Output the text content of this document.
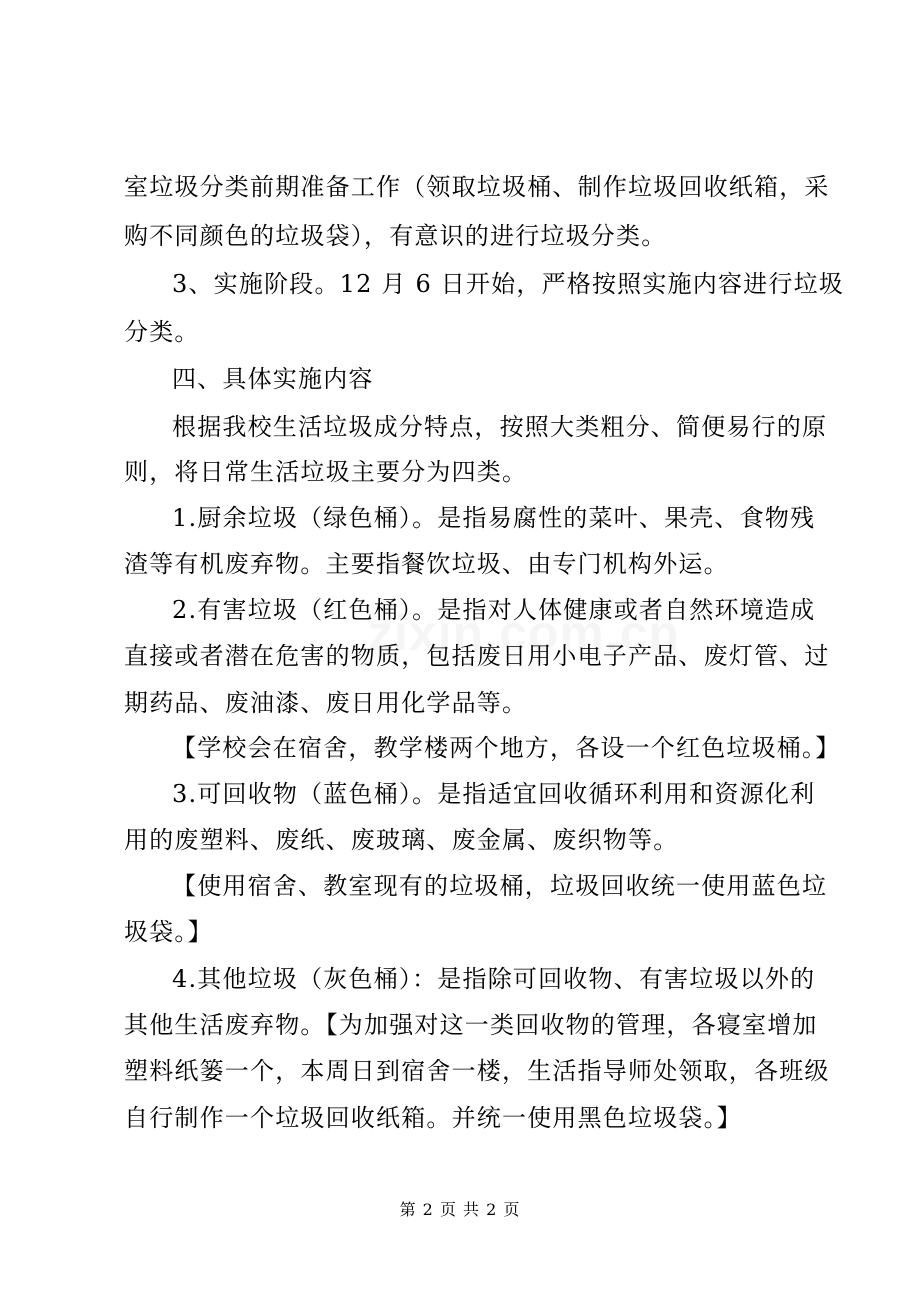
室垃圾分类前期准备工作（领取垃圾桶、制作垃圾回收纸箱，采
购不同颜色的垃圾袋），有意识的进行垃圾分类。
3、实施阶段。12 月 6 日开始，严格按照实施内容进行垃圾
分类。
四、具体实施内容
根据我校生活垃圾成分特点，按照大类粗分、简便易行的原
则，将日常生活垃圾主要分为四类。
1.厨余垃圾（绿色桶）。是指易腐性的菜叶、果壳、食物残
渣等有机废弃物。主要指餐饮垃圾、由专门机构外运。
2.有害垃圾（红色桶）。是指对人体健康或者自然环境造成
直接或者潜在危害的物质，包括废日用小电子产品、废灯管、过
期药品、废油漆、废日用化学品等。
【学校会在宿舍，教学楼两个地方，各设一个红色垃圾桶。】
3.可回收物（蓝色桶）。是指适宜回收循环利用和资源化利
用的废塑料、废纸、废玻璃、废金属、废织物等。
【使用宿舍、教室现有的垃圾桶，垃圾回收统一使用蓝色垃
圾袋。】
4.其他垃圾（灰色桶）：是指除可回收物、有害垃圾以外的
其他生活废弃物。【为加强对这一类回收物的管理，各寝室增加
塑料纸篓一个，本周日到宿舍一楼，生活指导师处领取，各班级
自行制作一个垃圾回收纸箱。并统一使用黑色垃圾袋。】
第 2 页 共 2 页
